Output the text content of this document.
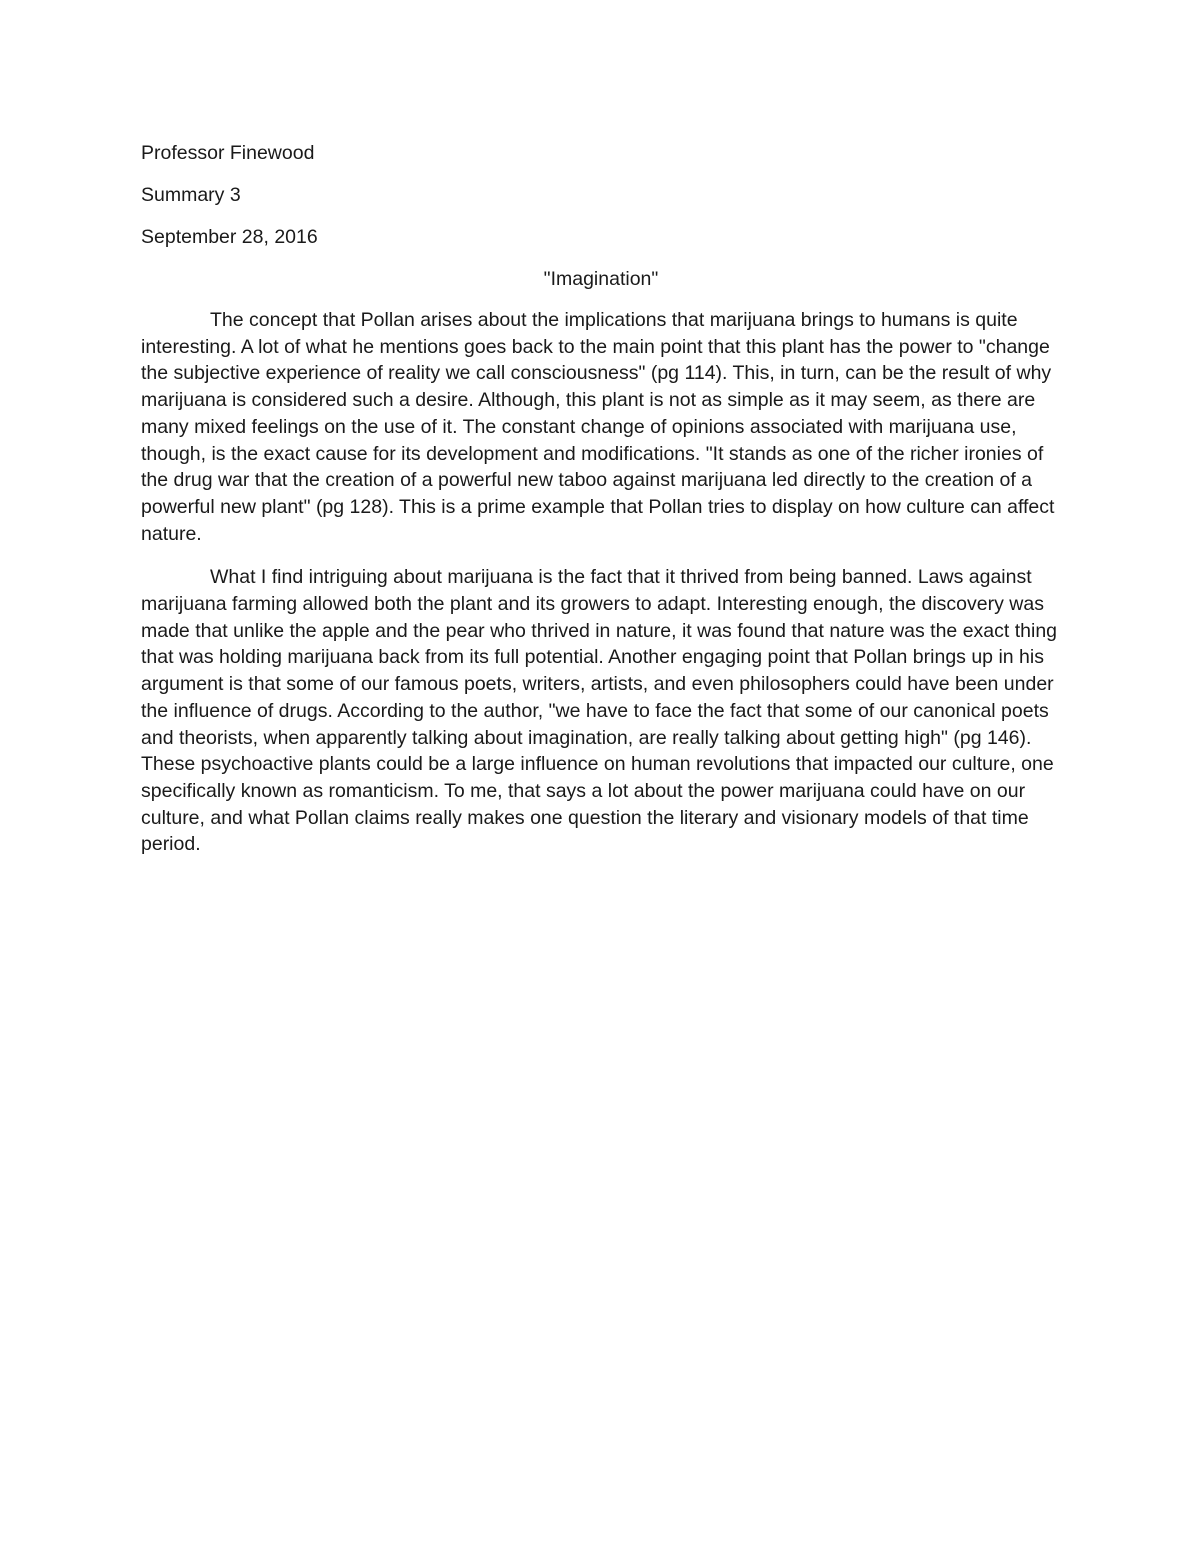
Professor Finewood
Summary 3
September 28, 2016
"Imagination"

The concept that Pollan arises about the implications that marijuana brings to humans is quite interesting. A lot of what he mentions goes back to the main point that this plant has the power to "change the subjective experience of reality we call consciousness" (pg 114). This, in turn, can be the result of why marijuana is considered such a desire. Although, this plant is not as simple as it may seem, as there are many mixed feelings on the use of it. The constant change of opinions associated with marijuana use, though, is the exact cause for its development and modifications. "It stands as one of the richer ironies of the drug war that the creation of a powerful new taboo against marijuana led directly to the creation of a powerful new plant" (pg 128). This is a prime example that Pollan tries to display on how culture can affect nature.

What I find intriguing about marijuana is the fact that it thrived from being banned. Laws against marijuana farming allowed both the plant and its growers to adapt. Interesting enough, the discovery was made that unlike the apple and the pear who thrived in nature, it was found that nature was the exact thing that was holding marijuana back from its full potential. Another engaging point that Pollan brings up in his argument is that some of our famous poets, writers, artists, and even philosophers could have been under the influence of drugs. According to the author, "we have to face the fact that some of our canonical poets and theorists, when apparently talking about imagination, are really talking about getting high" (pg 146). These psychoactive plants could be a large influence on human revolutions that impacted our culture, one specifically known as romanticism. To me, that says a lot about the power marijuana could have on our culture, and what Pollan claims really makes one question the literary and visionary models of that time period.
